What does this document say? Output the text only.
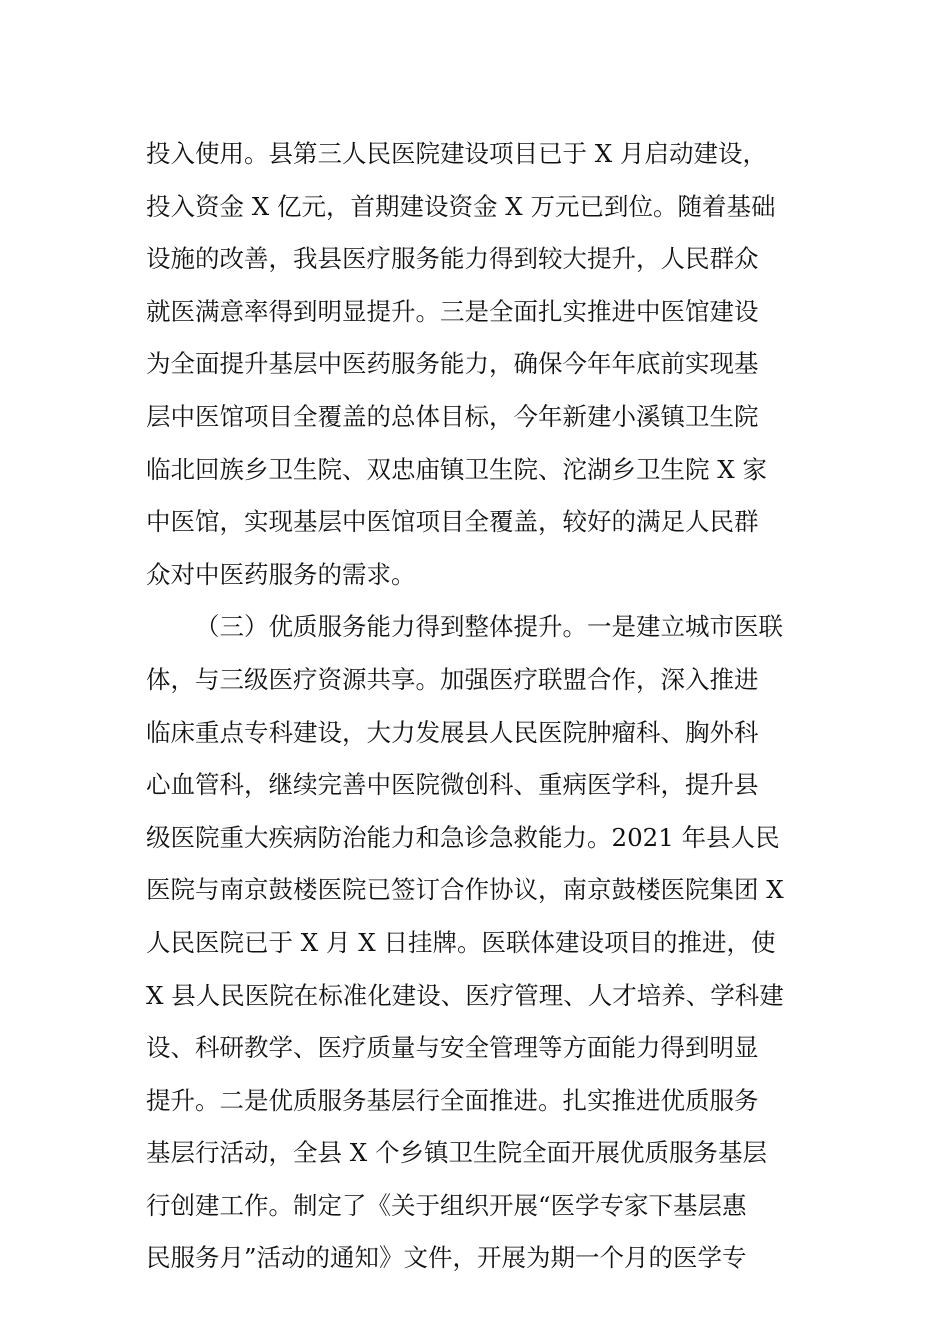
投入使用。县第三人民医院建设项目已于 X 月启动建设，
投入资金 X 亿元，首期建设资金 X 万元已到位。随着基础
设施的改善，我县医疗服务能力得到较大提升，人民群众
就医满意率得到明显提升。三是全面扎实推进中医馆建设
为全面提升基层中医药服务能力，确保今年年底前实现基
层中医馆项目全覆盖的总体目标，今年新建小溪镇卫生院
临北回族乡卫生院、双忠庙镇卫生院、沱湖乡卫生院 X 家
中医馆，实现基层中医馆项目全覆盖，较好的满足人民群
众对中医药服务的需求。
（三）优质服务能力得到整体提升。一是建立城市医联
体，与三级医疗资源共享。加强医疗联盟合作，深入推进
临床重点专科建设，大力发展县人民医院肿瘤科、胸外科
心血管科，继续完善中医院微创科、重病医学科，提升县
级医院重大疾病防治能力和急诊急救能力。2021 年县人民
医院与南京鼓楼医院已签订合作协议，南京鼓楼医院集团 X
人民医院已于 X 月 X 日挂牌。医联体建设项目的推进，使
X 县人民医院在标准化建设、医疗管理、人才培养、学科建
设、科研教学、医疗质量与安全管理等方面能力得到明显
提升。二是优质服务基层行全面推进。扎实推进优质服务
基层行活动，全县 X 个乡镇卫生院全面开展优质服务基层
行创建工作。制定了《关于组织开展“医学专家下基层惠
民服务月”活动的通知》文件，开展为期一个月的医学专
